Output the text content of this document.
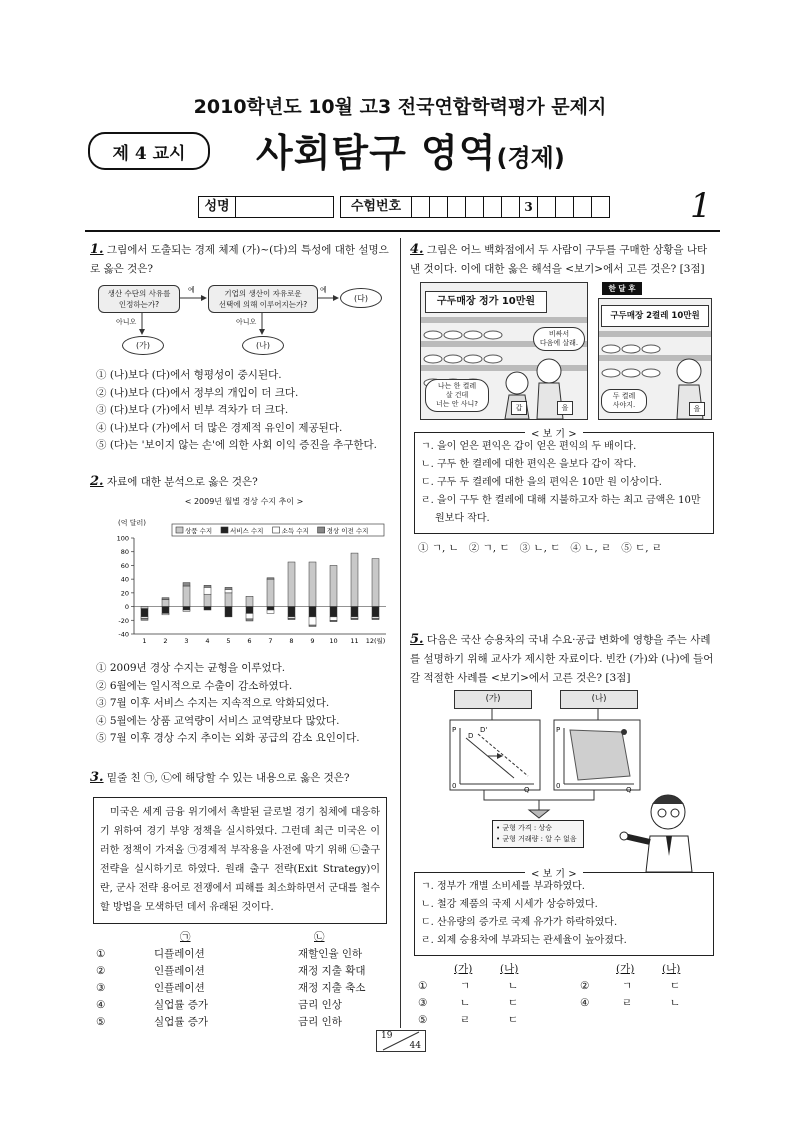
2010학년도 10월 고3 전국연합학력평가 문제지
제 4 교시 사회탐구 영역(경제)
성명	수험번호	3	1
1. 그림에서 도출되는 경제 체제 (가)~(다)의 특성에 대한 설명으로 옳은 것은?
생산 수단의 사유를
인정하는가?
기업의 생산이 자유로운
선택에 의해 이루어지는가?
(다)
(가)	(나)
예	예
아니오	아니오
① (나)보다 (다)에서 형평성이 중시된다.
② (나)보다 (다)에서 정부의 개입이 더 크다.
③ (다)보다 (가)에서 빈부 격차가 더 크다.
④ (나)보다 (가)에서 더 많은 경제적 유인이 제공된다.
⑤ (다)는 '보이지 않는 손'에 의한 사회 이익 증진을 추구한다.
2. 자료에 대한 분석으로 옳은 것은?
< 2009년 월별 경상 수지 추이 >
(억 달러)
상품 수지	서비스 수지	소득 수지	경상 이전 수지
100
80
60
40
20
0
-20
-40
1	2	3	4	5	6	7	8	9 10 11 12(월)
① 2009년 경상 수지는 균형을 이루었다.
② 6월에는 일시적으로 수출이 감소하였다.
③ 7월 이후 서비스 수지는 지속적으로 악화되었다.
④ 5월에는 상품 교역량이 서비스 교역량보다 많았다.
⑤ 7월 이후 경상 수지 추이는 외화 공급의 감소 요인이다.
3. 밑줄 친 ㉠, ㉡에 해당할 수 있는 내용으로 옳은 것은?
미국은 세계 금융 위기에서 촉발된 글로벌 경기 침체에 대응하기 위하여 경기 부양 정책을 실시하였다. 그런데 최근 미국은 이러한 정책이 가져올 ㉠경제적 부작용을 사전에 막기 위해 ㉡출구 전략을 실시하기로 하였다. 원래 출구 전략(Exit Strategy)이란, 군사 전략 용어로 전쟁에서 피해를 최소화하면서 군대를 철수할 방법을 모색하던 데서 유래된 것이다.
	㉠	㉡
①	디플레이션	재할인율 인하
②	인플레이션	재정 지출 확대
③	인플레이션	재정 지출 축소
④	실업률 증가	금리 인상
⑤	실업률 증가	금리 인하
4. 그림은 어느 백화점에서 두 사람이 구두를 구매한 상황을 나타낸 것이다. 이에 대한 옳은 해석을 <보기>에서 고른 것은? [3점]
구두매장 정가 10만원
비싸서
다음에 살래.
나는 한 켤레
살 건데
너는 안 사니?	갑	을
한 달 후
구두매장 2켤레 10만원
두 켤레
사야지.	을
< 보 기 >
ㄱ. 을이 얻은 편익은 갑이 얻은 편익의 두 배이다.
ㄴ. 구두 한 켤레에 대한 편익은 을보다 갑이 작다.
ㄷ. 구두 두 켤레에 대한 을의 편익은 10만 원 이상이다.
ㄹ. 을이 구두 한 켤레에 대해 지불하고자 하는 최고 금액은 10만 원보다 작다.
① ㄱ, ㄴ   ② ㄱ, ㄷ   ③ ㄴ, ㄷ   ④ ㄴ, ㄹ   ⑤ ㄷ, ㄹ
5. 다음은 국산 승용차의 국내 수요·공급 변화에 영향을 주는 사례를 설명하기 위해 교사가 제시한 자료이다. 빈칸 (가)와 (나)에 들어갈 적절한 사례를 <보기>에서 고른 것은? [3점]
(가)	(나)
P	D'
D
0	Q
P
0	Q
• 균형 가격 : 상승
• 균형 거래량 : 알 수 없음
< 보 기 >
ㄱ. 정부가 개별 소비세를 부과하였다.
ㄴ. 철강 제품의 국제 시세가 상승하였다.
ㄷ. 산유량의 증가로 국제 유가가 하락하였다.
ㄹ. 외제 승용차에 부과되는 관세율이 높아졌다.
	(가)	(나)		(가)	(나)
①	ㄱ	ㄴ	②	ㄱ	ㄷ
③	ㄴ	ㄷ	④	ㄹ	ㄴ
⑤	ㄹ	ㄷ			
19
44
